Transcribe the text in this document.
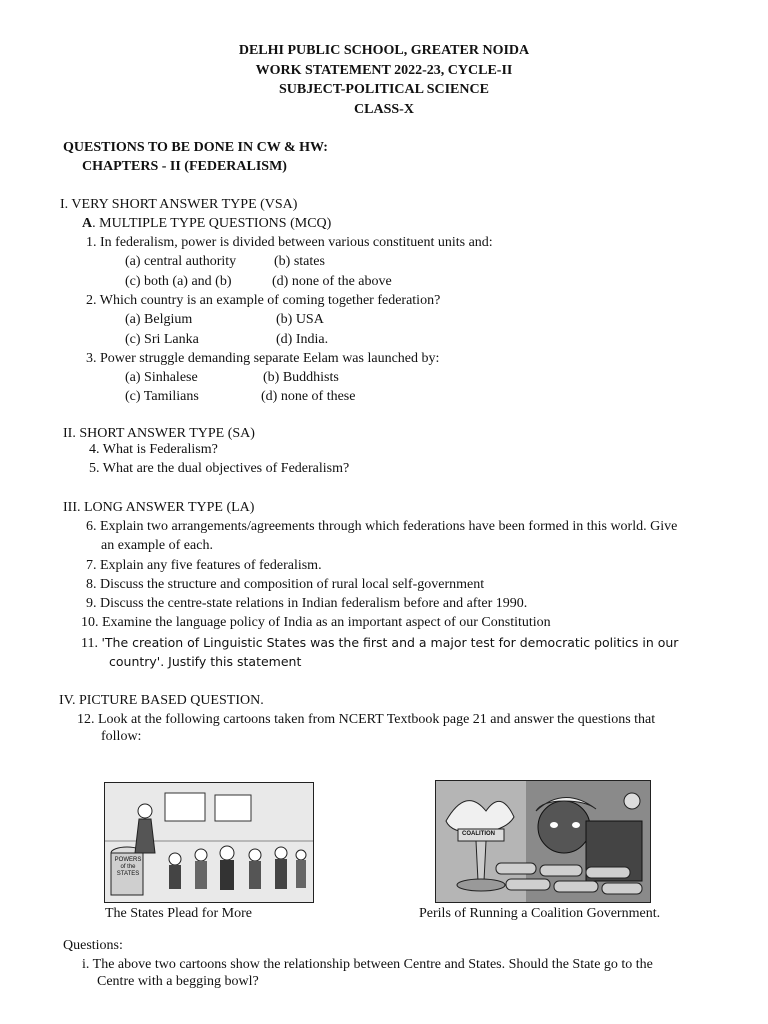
DELHI PUBLIC SCHOOL, GREATER NOIDA
WORK STATEMENT 2022-23, CYCLE-II
SUBJECT-POLITICAL SCIENCE
CLASS-X
QUESTIONS TO BE DONE IN CW & HW:
CHAPTERS - II (FEDERALISM)
I. VERY SHORT ANSWER TYPE (VSA)
A. MULTIPLE TYPE QUESTIONS (MCQ)
1. In federalism, power is divided between various constituent units and:
(a) central authority	(b) states
(c) both (a) and (b)	(d) none of the above
2. Which country is an example of coming together federation?
(a) Belgium	(b) USA
(c) Sri Lanka	(d) India.
3. Power struggle demanding separate Eelam was launched by:
(a) Sinhalese	(b) Buddhists
(c) Tamilians	(d) none of these
II. SHORT ANSWER TYPE (SA)
4. What is Federalism?
5. What are the dual objectives of Federalism?
III. LONG ANSWER TYPE (LA)
6. Explain two arrangements/agreements through which federations have been formed in this world. Give
an example of each.
7. Explain any five features of federalism.
8. Discuss the structure and composition of rural local self-government
9. Discuss the centre-state relations in Indian federalism before and after 1990.
10. Examine the language policy of India as an important aspect of our Constitution
11. 'The creation of Linguistic States was the first and a major test for democratic politics in our
country'. Justify this statement
IV. PICTURE BASED QUESTION.
12. Look at the following cartoons taken from NCERT Textbook page 21 and answer the questions that
follow:
POWERS of the STATES
COALITION
The States Plead for More	Perils of Running a Coalition Government.
Questions:
i. The above two cartoons show the relationship between Centre and States. Should the State go to the
Centre with a begging bowl?
